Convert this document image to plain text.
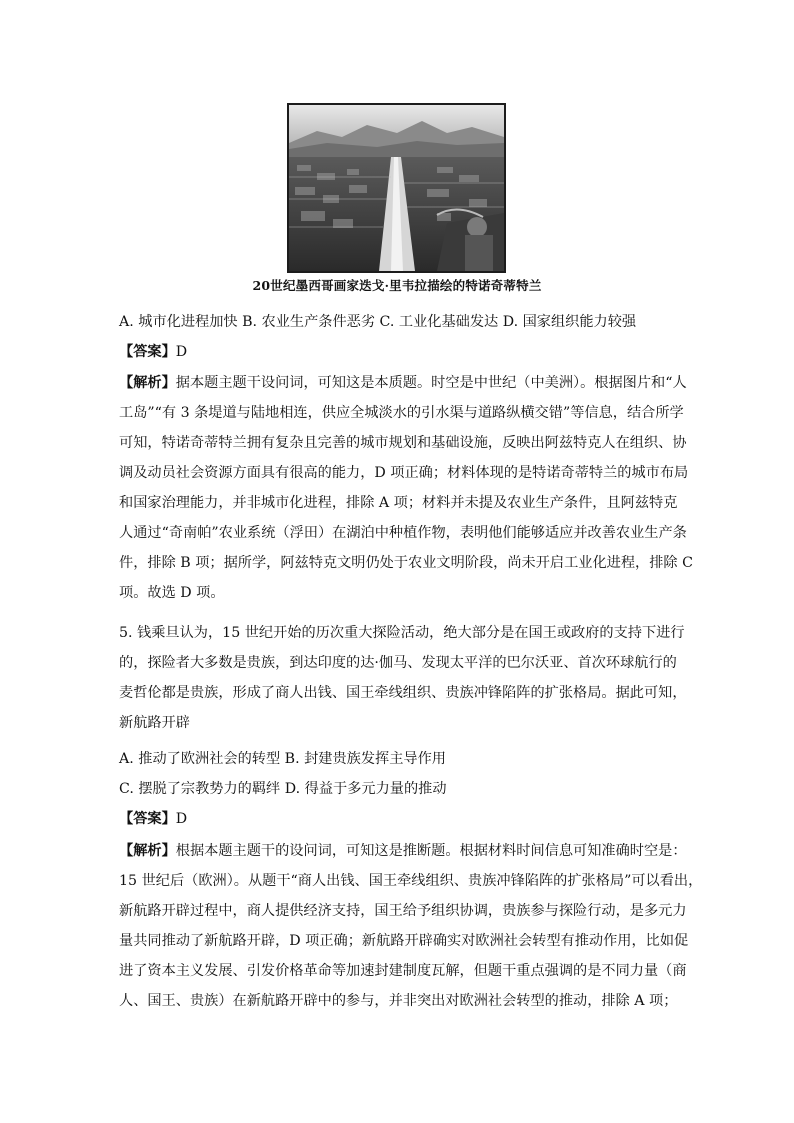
20世纪墨西哥画家迭戈·里韦拉描绘的特诺奇蒂特兰
A. 城市化进程加快 B. 农业生产条件恶劣 C. 工业化基础发达 D. 国家组织能力较强
【答案】D
【解析】据本题主题干设问词，可知这是本质题。时空是中世纪（中美洲）。根据图片和“人
工岛”“有 3 条堤道与陆地相连，供应全城淡水的引水渠与道路纵横交错”等信息，结合所学
可知，特诺奇蒂特兰拥有复杂且完善的城市规划和基础设施，反映出阿兹特克人在组织、协
调及动员社会资源方面具有很高的能力，D 项正确；材料体现的是特诺奇蒂特兰的城市布局
和国家治理能力，并非城市化进程，排除 A 项；材料并未提及农业生产条件，且阿兹特克
人通过“奇南帕”农业系统（浮田）在湖泊中种植作物，表明他们能够适应并改善农业生产条
件，排除 B 项；据所学，阿兹特克文明仍处于农业文明阶段，尚未开启工业化进程，排除 C
项。故选 D 项。
5. 钱乘旦认为，15 世纪开始的历次重大探险活动，绝大部分是在国王或政府的支持下进行
的，探险者大多数是贵族，到达印度的达·伽马、发现太平洋的巴尔沃亚、首次环球航行的
麦哲伦都是贵族，形成了商人出钱、国王牵线组织、贵族冲锋陷阵的扩张格局。据此可知，
新航路开辟
A. 推动了欧洲社会的转型 B. 封建贵族发挥主导作用
C. 摆脱了宗教势力的羁绊 D. 得益于多元力量的推动
【答案】D
【解析】根据本题主题干的设问词，可知这是推断题。根据材料时间信息可知准确时空是：
15 世纪后（欧洲）。从题干“商人出钱、国王牵线组织、贵族冲锋陷阵的扩张格局”可以看出，
新航路开辟过程中，商人提供经济支持，国王给予组织协调，贵族参与探险行动，是多元力
量共同推动了新航路开辟，D 项正确；新航路开辟确实对欧洲社会转型有推动作用，比如促
进了资本主义发展、引发价格革命等加速封建制度瓦解，但题干重点强调的是不同力量（商
人、国王、贵族）在新航路开辟中的参与，并非突出对欧洲社会转型的推动，排除 A 项；
